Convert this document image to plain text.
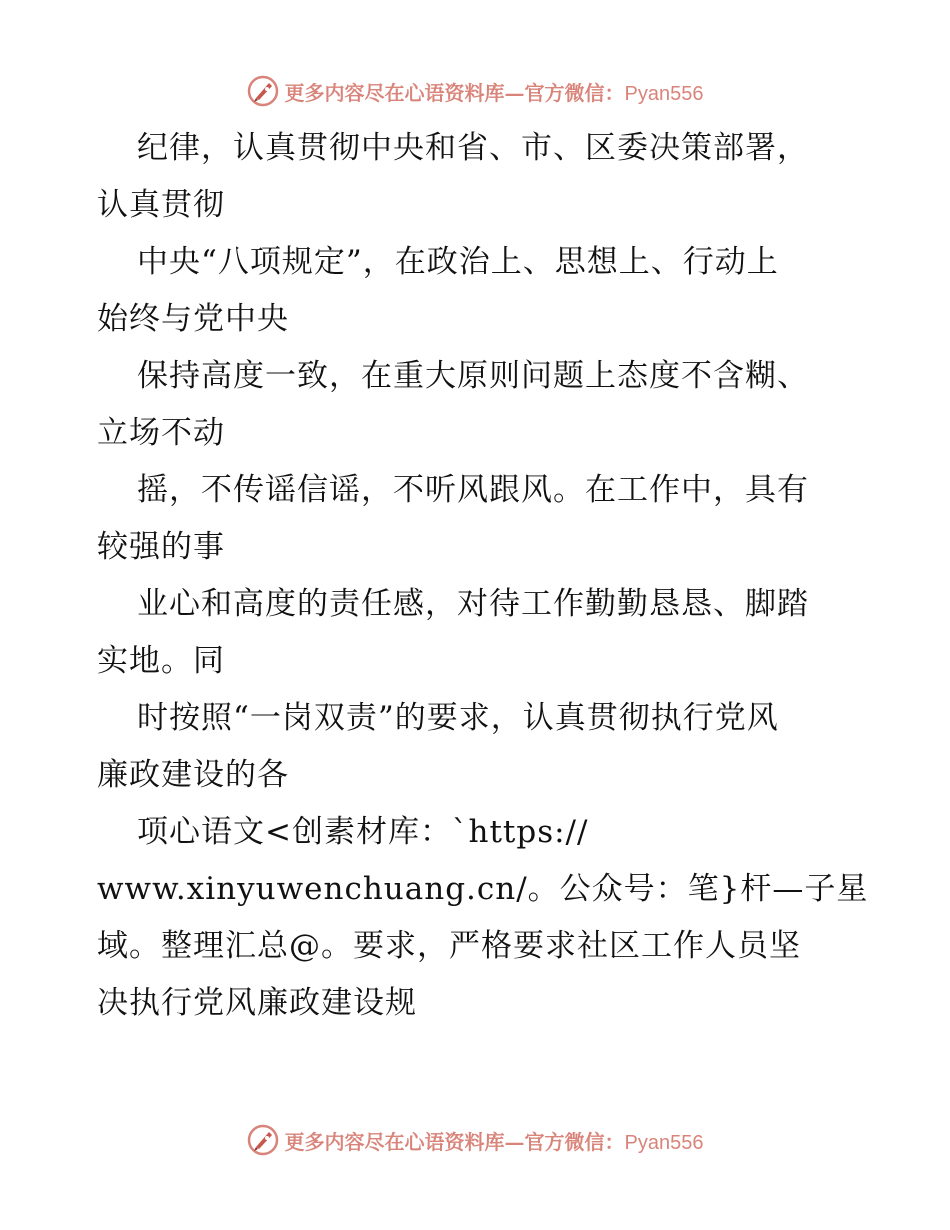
更多内容尽在心语资料库—官方微信：Pyan556
纪律，认真贯彻中央和省、市、区委决策部署，
认真贯彻
中央“八项规定”，在政治上、思想上、行动上
始终与党中央
保持高度一致，在重大原则问题上态度不含糊、
立场不动
摇，不传谣信谣，不听风跟风。在工作中，具有
较强的事
业心和高度的责任感，对待工作勤勤恳恳、脚踏
实地。同
时按照“一岗双责”的要求，认真贯彻执行党风
廉政建设的各
项心语文<创素材库：`https://
www.xinyuwenchuang.cn/。公众号：笔}杆—子星
域。整理汇总@。要求，严格要求社区工作人员坚
决执行党风廉政建设规
更多内容尽在心语资料库—官方微信：Pyan556
